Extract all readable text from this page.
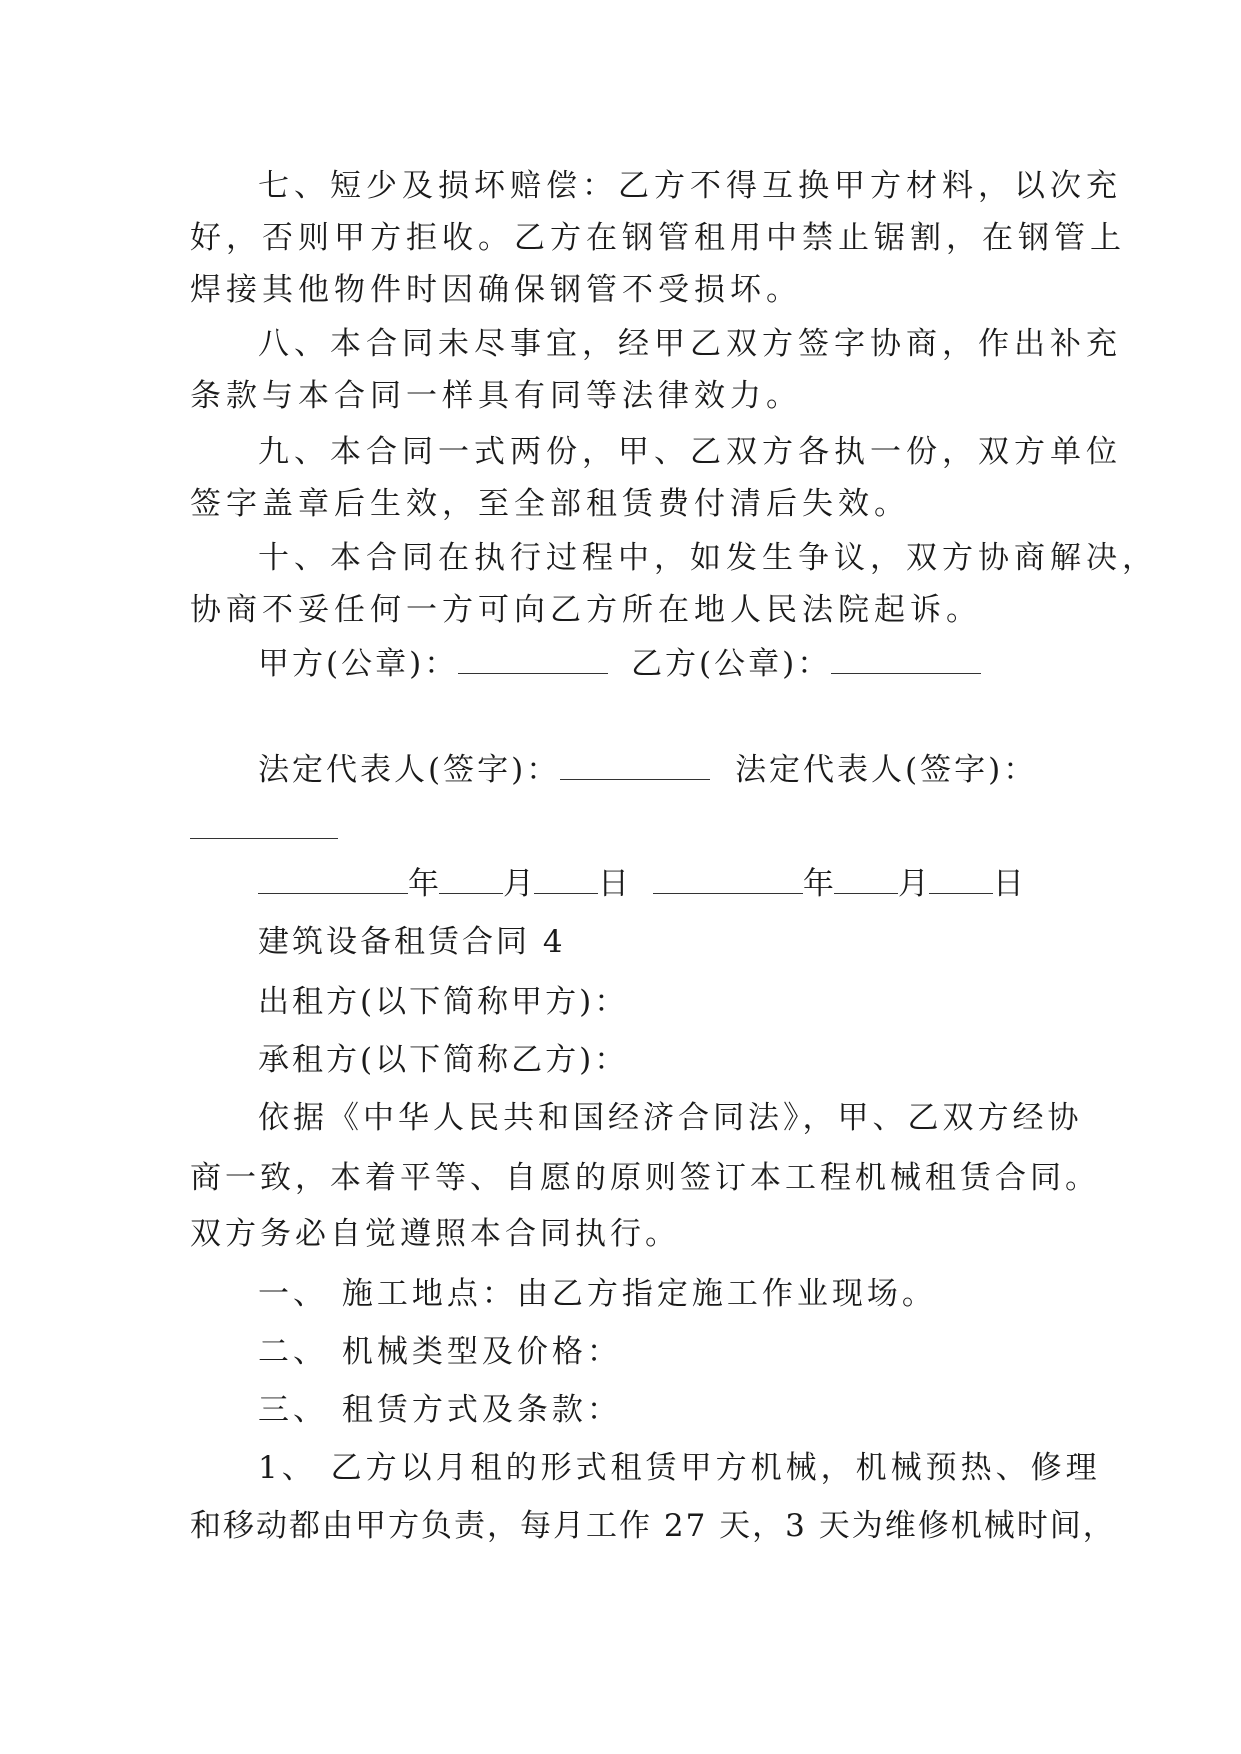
七、短少及损坏赔偿：乙方不得互换甲方材料，以次充

好，否则甲方拒收。乙方在钢管租用中禁止锯割，在钢管上

焊接其他物件时因确保钢管不受损坏。

八、本合同未尽事宜，经甲乙双方签字协商，作出补充

条款与本合同一样具有同等法律效力。

九、本合同一式两份，甲、乙双方各执一份，双方单位

签字盖章后生效，至全部租赁费付清后失效。

十、本合同在执行过程中，如发生争议，双方协商解决，

协商不妥任何一方可向乙方所在地人民法院起诉。

甲方(公章)：	乙方(公章)：

法定代表人(签字)：	法定代表人(签字)：

年 月 日	年 月 日

建筑设备租赁合同 4

出租方(以下简称甲方)：

承租方(以下简称乙方)：

依据《中华人民共和国经济合同法》，甲、乙双方经协

商一致，本着平等、自愿的原则签订本工程机械租赁合同。

双方务必自觉遵照本合同执行。

一、 施工地点：由乙方指定施工作业现场。

二、 机械类型及价格：

三、 租赁方式及条款：

1、 乙方以月租的形式租赁甲方机械，机械预热、修理

和移动都由甲方负责，每月工作 27 天，3 天为维修机械时间，
